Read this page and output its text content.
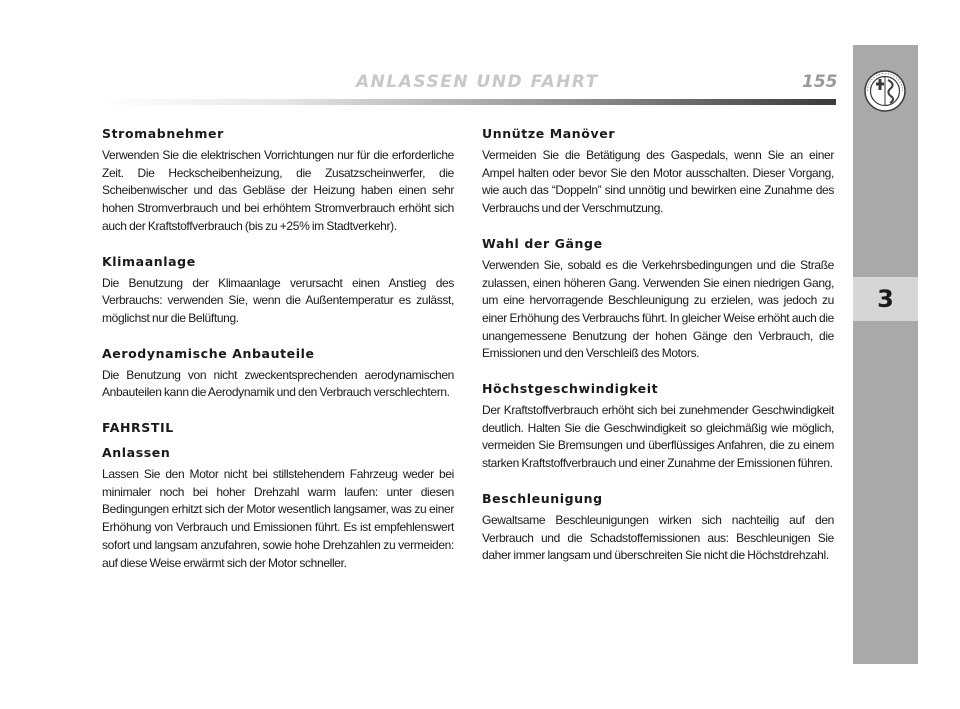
ANLASSEN UND FAHRT	155
3
Stromabnehmer

Verwenden Sie die elektrischen Vorrichtungen nur für die erforderliche Zeit. Die Heckscheibenheizung, die Zusatzscheinwerfer, die Scheibenwischer und das Gebläse der Heizung haben einen sehr hohen Stromverbrauch und bei erhöhtem Stromverbrauch erhöht sich auch der Kraftstoffverbrauch (bis zu +25% im Stadtverkehr).

Klimaanlage

Die Benutzung der Klimaanlage verursacht einen Anstieg des Verbrauchs: verwenden Sie, wenn die Außentemperatur es zulässt, möglichst nur die Belüftung.

Aerodynamische Anbauteile

Die Benutzung von nicht zweckentsprechenden aerodynamischen Anbauteilen kann die Aerodynamik und den Verbrauch verschlechtern.

FAHRSTIL
Anlassen

Lassen Sie den Motor nicht bei stillstehendem Fahrzeug weder bei minimaler noch bei hoher Drehzahl warm laufen: unter diesen Bedingungen erhitzt sich der Motor wesentlich langsamer, was zu einer Erhöhung von Verbrauch und Emissionen führt. Es ist empfehlenswert sofort und langsam anzufahren, sowie hohe Drehzahlen zu vermeiden: auf diese Weise erwärmt sich der Motor schneller.

Unnütze Manöver

Vermeiden Sie die Betätigung des Gaspedals, wenn Sie an einer Ampel halten oder bevor Sie den Motor ausschalten. Dieser Vorgang, wie auch das “Doppeln” sind unnötig und bewirken eine Zunahme des Verbrauchs und der Verschmutzung.

Wahl der Gänge

Verwenden Sie, sobald es die Verkehrsbedingungen und die Straße zulassen, einen höheren Gang. Verwenden Sie einen niedrigen Gang, um eine hervorragende Beschleunigung zu erzielen, was jedoch zu einer Erhöhung des Verbrauchs führt. In gleicher Weise erhöht auch die unangemessene Benutzung der hohen Gänge den Verbrauch, die Emissionen und den Verschleiß des Motors.

Höchstgeschwindigkeit

Der Kraftstoffverbrauch erhöht sich bei zunehmender Geschwindigkeit deutlich. Halten Sie die Geschwindigkeit so gleichmäßig wie möglich, vermeiden Sie Bremsungen und überflüssiges Anfahren, die zu einem starken Kraftstoffverbrauch und einer Zunahme der Emissionen führen.

Beschleunigung

Gewaltsame Beschleunigungen wirken sich nachteilig auf den Verbrauch und die Schadstoffemissionen aus: Beschleunigen Sie daher immer langsam und überschreiten Sie nicht die Höchstdrehzahl.
